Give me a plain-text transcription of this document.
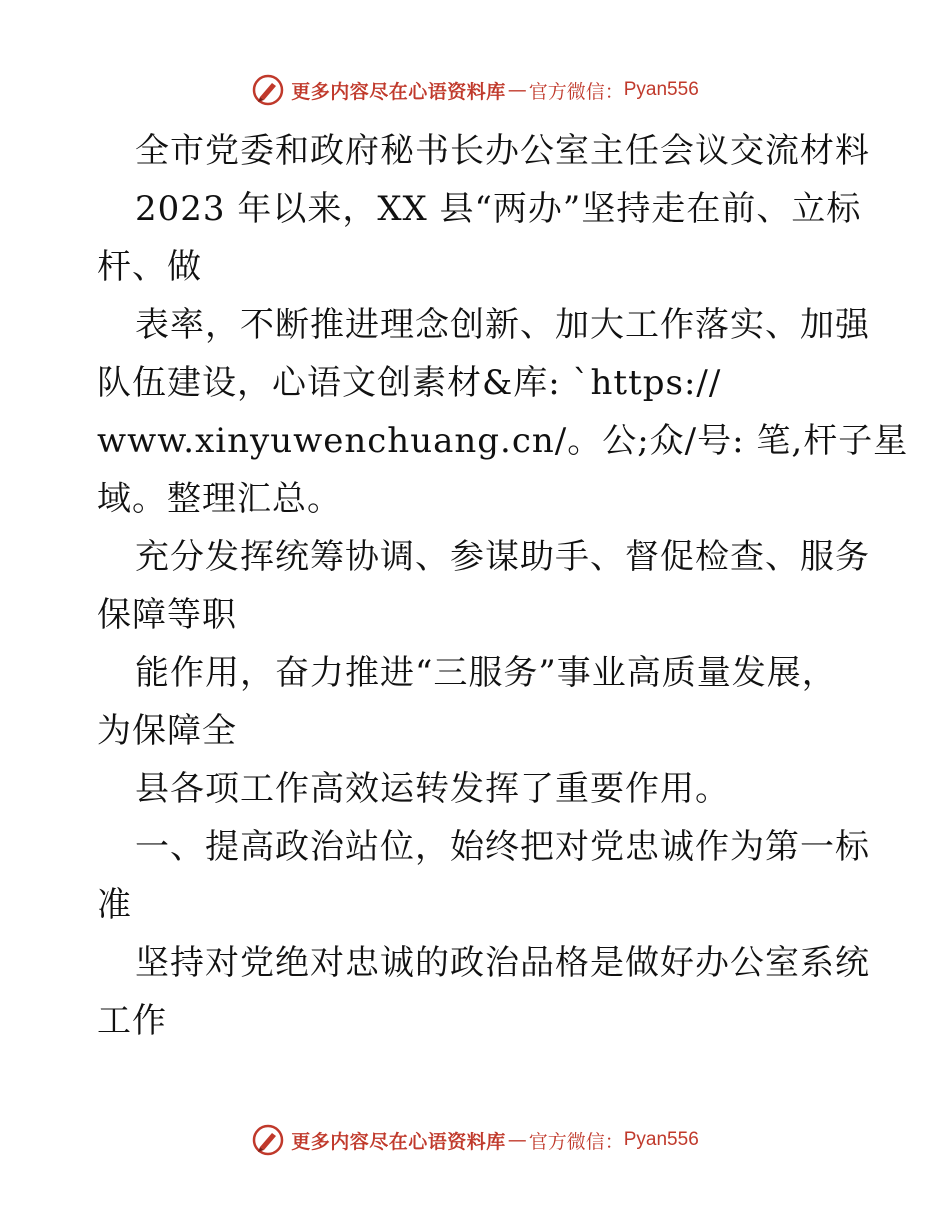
更多内容尽在心语资料库 — 官方微信： Pyan556
全市党委和政府秘书长办公室主任会议交流材料
2023 年以来，XX 县“两办”坚持走在前、立标
杆、做
表率，不断推进理念创新、加大工作落实、加强
队伍建设，心语文创素材&库: `https://
www.xinyuwenchuang.cn/。公;众/号: 笔,杆子星
域。整理汇总。
充分发挥统筹协调、参谋助手、督促检查、服务
保障等职
能作用，奋力推进“三服务”事业高质量发展，
为保障全
县各项工作高效运转发挥了重要作用。
一、提高政治站位，始终把对党忠诚作为第一标
准
坚持对党绝对忠诚的政治品格是做好办公室系统
工作
更多内容尽在心语资料库 — 官方微信： Pyan556
